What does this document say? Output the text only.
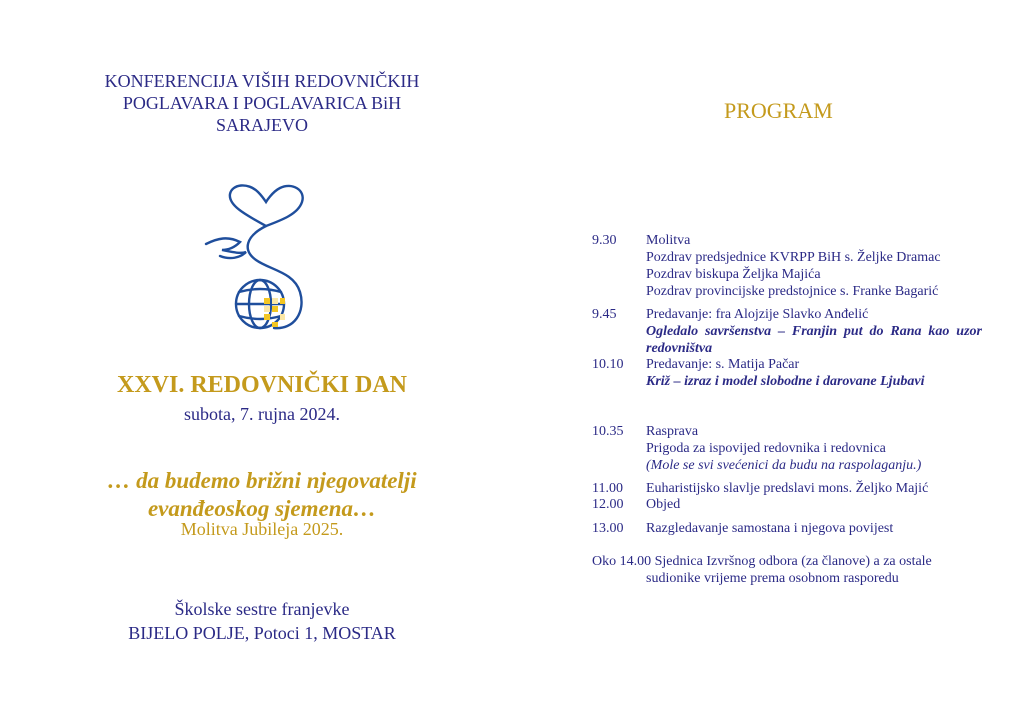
KONFERENCIJA VIŠIH REDOVNIČKIH
POGLAVARA I POGLAVARICA BiH
SARAJEVO
XXVI. REDOVNIČKI DAN
subota, 7. rujna 2024.
… da budemo brižni njegovatelji
evanđeoskog sjemena…
Molitva Jubileja 2025.
Školske sestre franjevke
BIJELO POLJE, Potoci 1, MOSTAR
PROGRAM
9.30	Molitva
Pozdrav predsjednice KVRPP BiH s. Željke Dramac
Pozdrav biskupa Željka Majića
Pozdrav provincijske predstojnice s. Franke Bagarić
9.45	Predavanje: fra Alojzije Slavko Anđelić
Ogledalo savršenstva – Franjin put do Rana kao uzor redovništva
10.10	Predavanje: s. Matija Pačar
Križ – izraz i model slobodne i darovane Ljubavi
10.35	Rasprava
Prigoda za ispovijed redovnika i redovnica
(Mole se svi svećenici da budu na raspolaganju.)
11.00	Euharistijsko slavlje predslavi mons. Željko Majić
12.00	Objed
13.00	Razgledavanje samostana i njegova povijest
Oko 14.00 Sjednica Izvršnog odbora (za članove) a za ostale
sudionike vrijeme prema osobnom rasporedu
